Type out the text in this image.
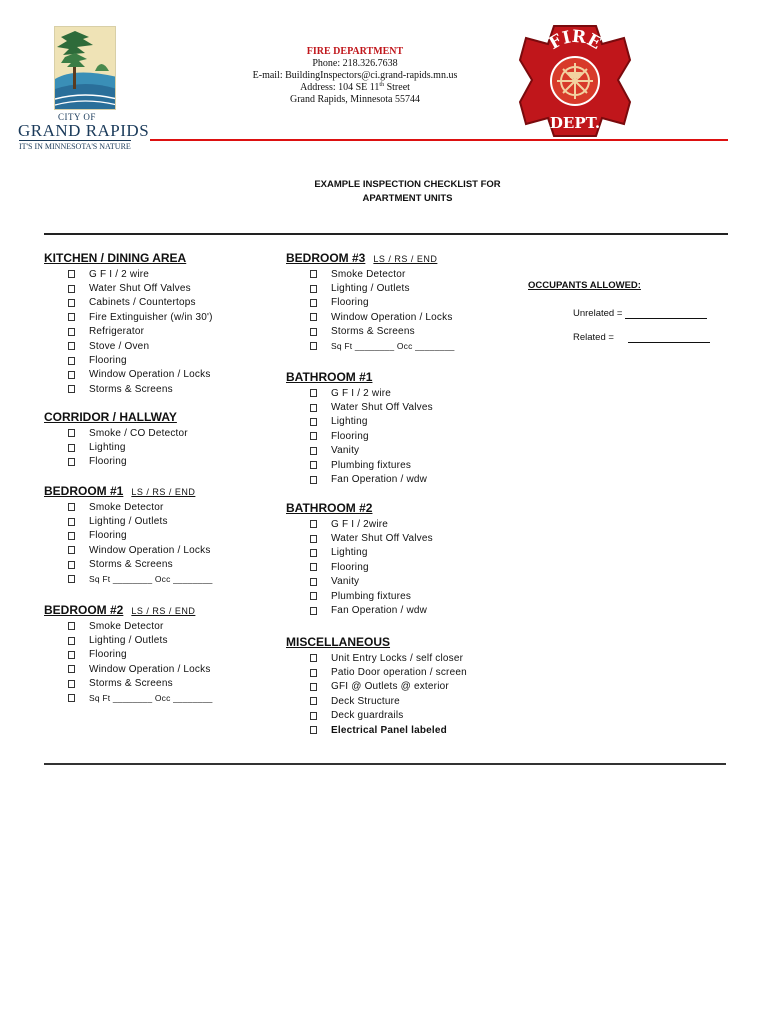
CITY OF
GRAND RAPIDS
IT'S IN MINNESOTA'S NATURE
FIRE DEPARTMENT
Phone: 218.326.7638
E-mail: BuildingInspectors@ci.grand-rapids.mn.us
Address: 104 SE 11th Street
Grand Rapids, Minnesota 55744
FIRE
DEPT.
EXAMPLE INSPECTION CHECKLIST FOR
APARTMENT UNITS
KITCHEN / DINING AREA
G F I / 2 wire
Water Shut Off Valves
Cabinets / Countertops
Fire Extinguisher (w/in 30')
Refrigerator
Stove / Oven
Flooring
Window Operation / Locks
Storms & Screens
CORRIDOR / HALLWAY
Smoke / CO Detector
Lighting
Flooring
BEDROOM #1 LS / RS / END
Smoke Detector
Lighting / Outlets
Flooring
Window Operation / Locks
Storms & Screens
Sq Ft ________ Occ ________
BEDROOM #2 LS / RS / END
Smoke Detector
Lighting / Outlets
Flooring
Window Operation / Locks
Storms & Screens
Sq Ft ________ Occ ________
BEDROOM #3 LS / RS / END
Smoke Detector
Lighting / Outlets
Flooring
Window Operation / Locks
Storms & Screens
Sq Ft ________ Occ ________
BATHROOM #1
G F I / 2 wire
Water Shut Off Valves
Lighting
Flooring
Vanity
Plumbing fixtures
Fan Operation / wdw
BATHROOM #2
G F I / 2wire
Water Shut Off Valves
Lighting
Flooring
Vanity
Plumbing fixtures
Fan Operation / wdw
MISCELLANEOUS
Unit Entry Locks / self closer
Patio Door operation / screen
GFI @ Outlets @ exterior
Deck Structure
Deck guardrails
Electrical Panel labeled
OCCUPANTS ALLOWED:
Unrelated =
Related =
